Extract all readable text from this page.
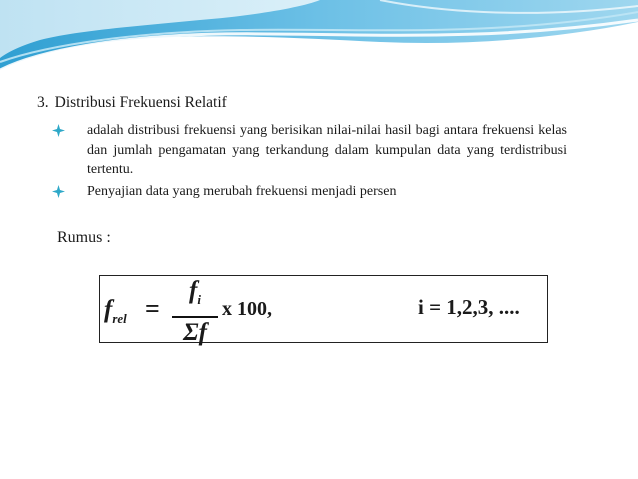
3. Distribusi Frekuensi Relatif
adalah distribusi frekuensi yang berisikan nilai-nilai hasil bagi antara frekuensi kelas dan jumlah pengamatan yang terkandung dalam kumpulan data yang terdistribusi tertentu.
Penyajian data yang merubah frekuensi menjadi persen
Rumus :
$f_{rel}$ =
$f_i$
Σf
x 100,	i = 1,2,3, ....
